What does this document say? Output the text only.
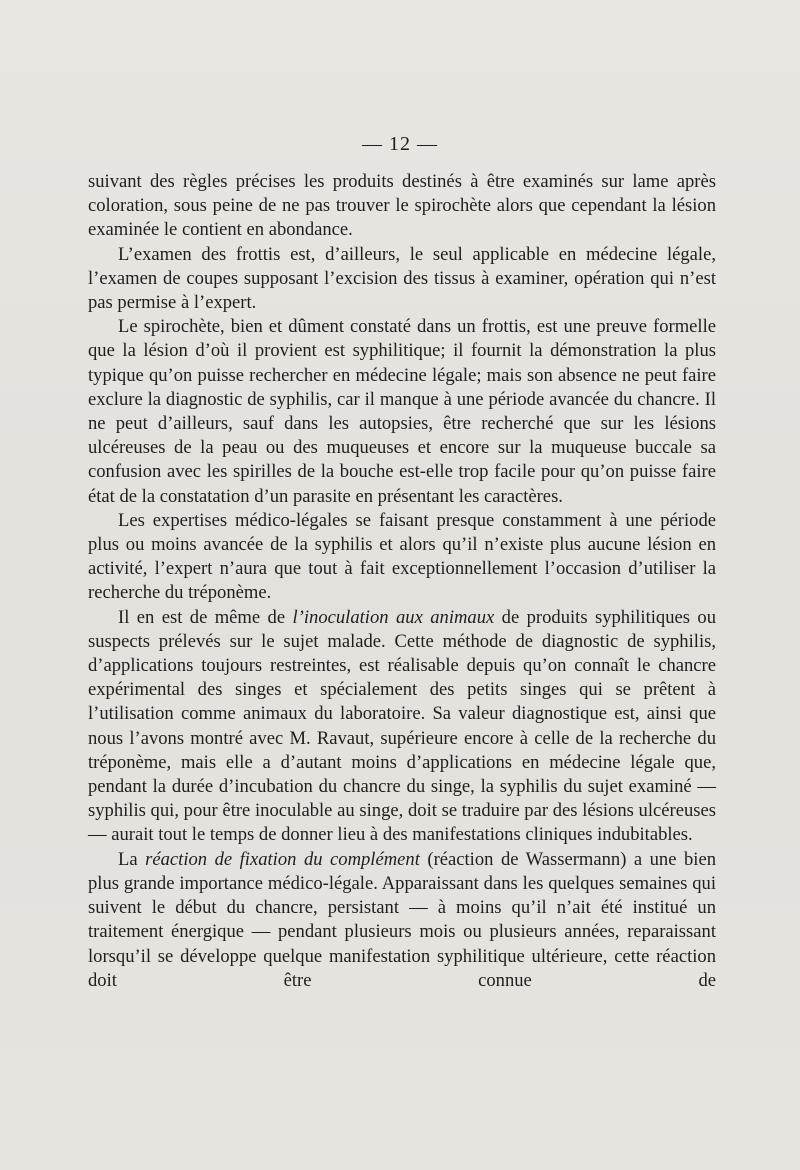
— 12 —

suivant des règles précises les produits destinés à être examinés sur lame après coloration, sous peine de ne pas trouver le spirochète alors que cependant la lésion examinée le contient en abondance.

L’examen des frottis est, d’ailleurs, le seul applicable en médecine légale, l’examen de coupes supposant l’excision des tissus à examiner, opération qui n’est pas permise à l’expert.

Le spirochète, bien et dûment constaté dans un frottis, est une preuve formelle que la lésion d’où il provient est syphilitique; il fournit la démonstration la plus typique qu’on puisse rechercher en médecine légale; mais son absence ne peut faire exclure la diagnostic de syphilis, car il manque à une période avancée du chancre. Il ne peut d’ailleurs, sauf dans les autopsies, être recherché que sur les lésions ulcéreuses de la peau ou des muqueuses et encore sur la muqueuse buccale sa confusion avec les spirilles de la bouche est-elle trop facile pour qu’on puisse faire état de la constatation d’un parasite en présentant les caractères.

Les expertises médico-légales se faisant presque constamment à une période plus ou moins avancée de la syphilis et alors qu’il n’existe plus aucune lésion en activité, l’expert n’aura que tout à fait exceptionnellement l’occasion d’utiliser la recherche du tréponème.

Il en est de même de l’inoculation aux animaux de produits syphilitiques ou suspects prélevés sur le sujet malade. Cette méthode de diagnostic de syphilis, d’applications toujours restreintes, est réalisable depuis qu’on connaît le chancre expérimental des singes et spécialement des petits singes qui se prêtent à l’utilisation comme animaux du laboratoire. Sa valeur diagnostique est, ainsi que nous l’avons montré avec M. Ravaut, supérieure encore à celle de la recherche du tréponème, mais elle a d’autant moins d’applications en médecine légale que, pendant la durée d’incubation du chancre du singe, la syphilis du sujet examiné — syphilis qui, pour être inoculable au singe, doit se traduire par des lésions ulcéreuses — aurait tout le temps de donner lieu à des manifestations cliniques indubitables.

La réaction de fixation du complément (réaction de Wassermann) a une bien plus grande importance médico-légale. Apparaissant dans les quelques semaines qui suivent le début du chancre, persistant — à moins qu’il n’ait été institué un traitement énergique — pendant plusieurs mois ou plusieurs années, reparaissant lorsqu’il se développe quelque manifestation syphilitique ultérieure, cette réaction doit être connue de
